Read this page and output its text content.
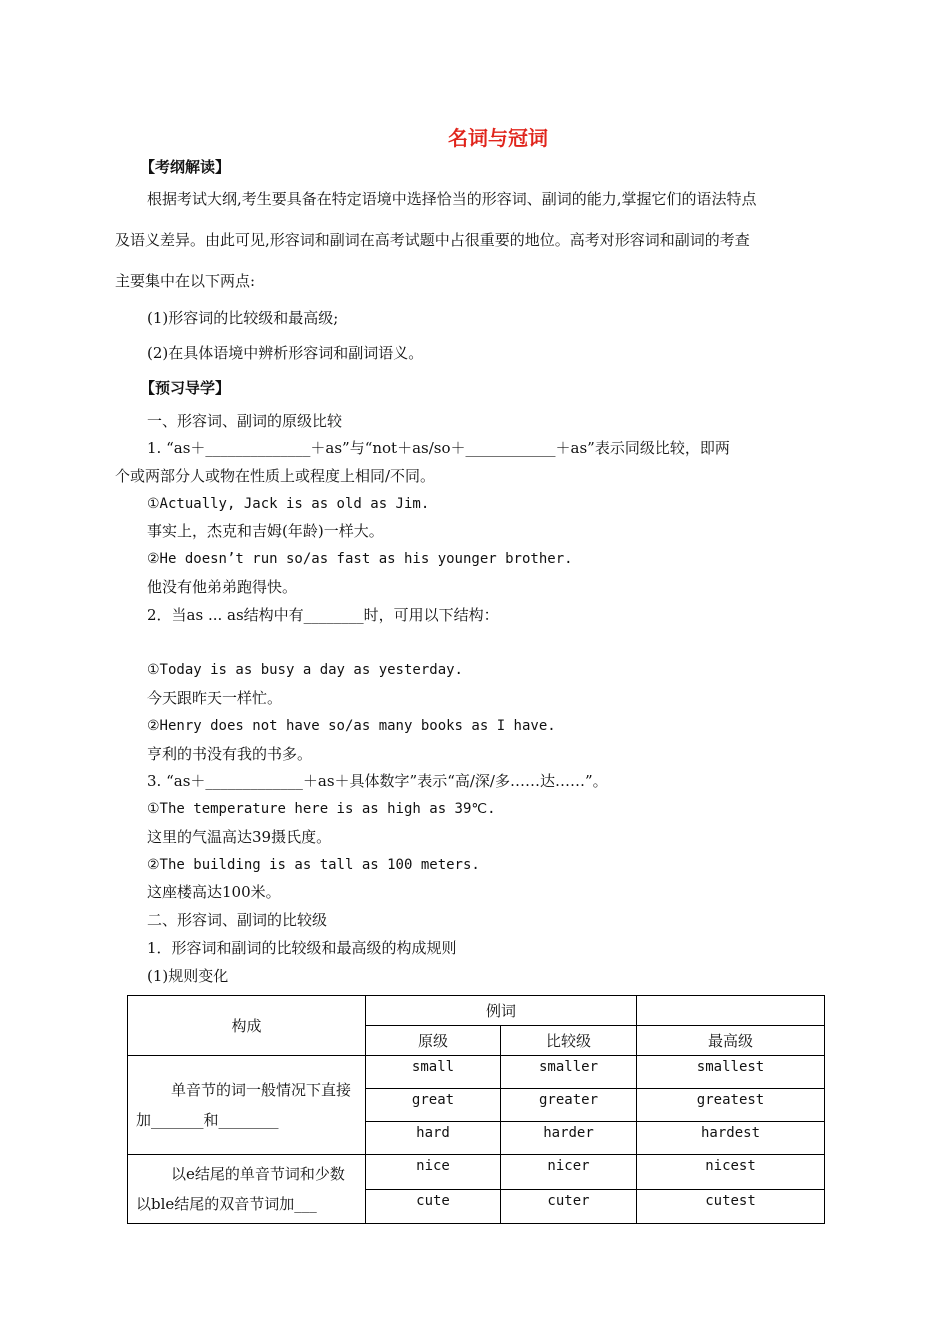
名词与冠词
【考纲解读】
根据考试大纲,考生要具备在特定语境中选择恰当的形容词、副词的能力,掌握它们的语法特点
及语义差异。由此可见,形容词和副词在高考试题中占很重要的地位。高考对形容词和副词的考查
主要集中在以下两点:
(1)形容词的比较级和最高级;
(2)在具体语境中辨析形容词和副词语义。
【预习导学】
一、形容词、副词的原级比较
1. “as＋______________＋as”与“not＋as/so＋____________＋as”表示同级比较，即两
个或两部分人或物在性质上或程度上相同/不同。
①Actually, Jack is as old as Jim.
事实上，杰克和吉姆(年龄)一样大。
②He doesn’t run so/as fast as his younger brother.
他没有他弟弟跑得快。
2．当as ... as结构中有________时，可用以下结构：
①Today is as busy a day as yesterday.
今天跟昨天一样忙。
②Henry does not have so/as many books as I have.
亨利的书没有我的书多。
3. “as＋_____________＋as＋具体数字”表示“高/深/多……达……”。
①The temperature here is as high as 39℃.
这里的气温高达39摄氏度。
②The building is as tall as 100 meters.
这座楼高达100米。
二、形容词、副词的比较级
1．形容词和副词的比较级和最高级的构成规则
(1)规则变化
构成	例词		
	原级	比较级	最高级
单音节的词一般情况下直接加_______和________	small	smaller	smallest
	great	greater	greatest
	hard	harder	hardest
以e结尾的单音节词和少数以ble结尾的双音节词加___	nice	nicer	nicest
	cute	cuter	cutest
